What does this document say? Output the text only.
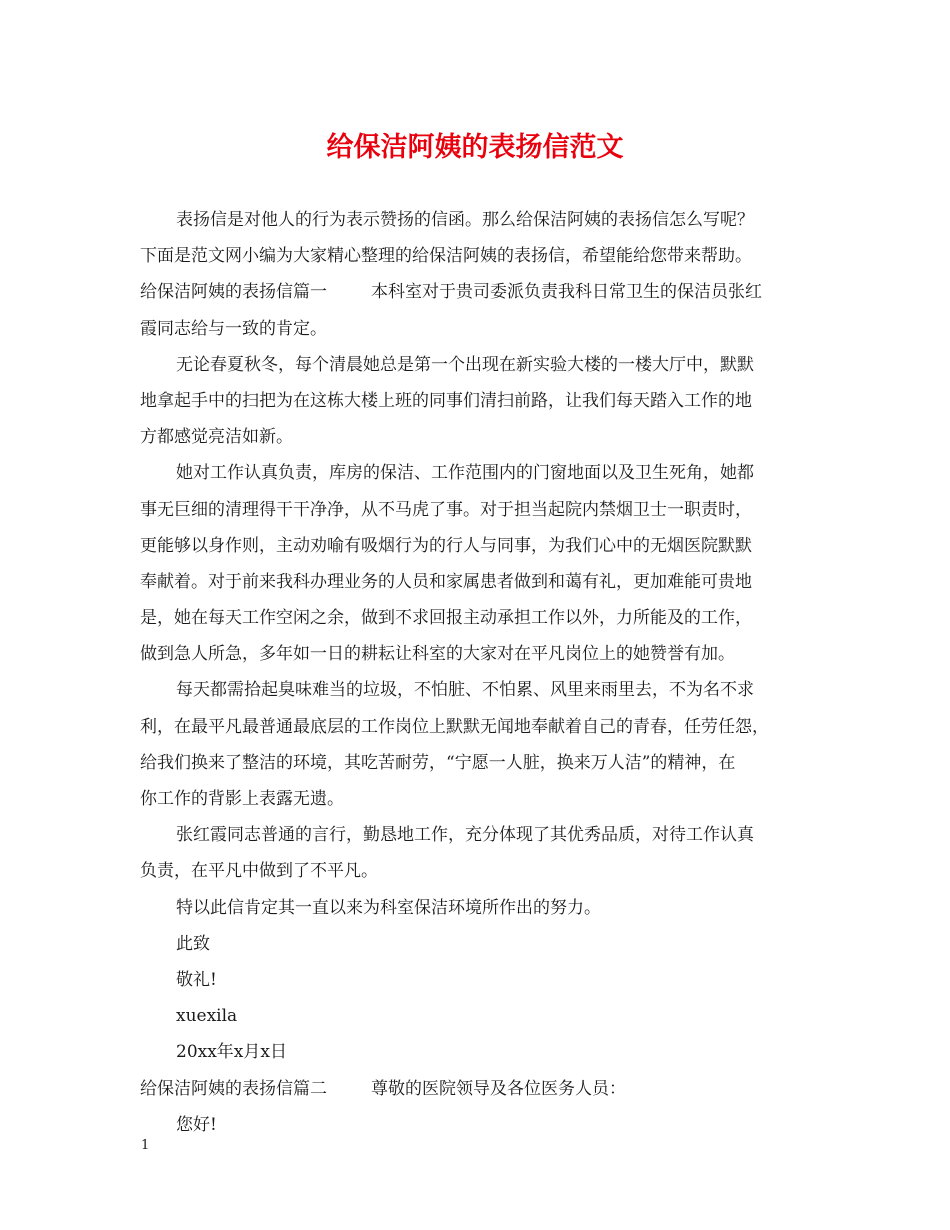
给保洁阿姨的表扬信范文
表扬信是对他人的行为表示赞扬的信函。那么给保洁阿姨的表扬信怎么写呢？
下面是范文网小编为大家精心整理的给保洁阿姨的表扬信，希望能给您带来帮助。
给保洁阿姨的表扬信篇一	本科室对于贵司委派负责我科日常卫生的保洁员张红
霞同志给与一致的肯定。
无论春夏秋冬，每个清晨她总是第一个出现在新实验大楼的一楼大厅中，默默
地拿起手中的扫把为在这栋大楼上班的同事们清扫前路，让我们每天踏入工作的地
方都感觉亮洁如新。
她对工作认真负责，库房的保洁、工作范围内的门窗地面以及卫生死角，她都
事无巨细的清理得干干净净，从不马虎了事。对于担当起院内禁烟卫士一职责时，
更能够以身作则，主动劝喻有吸烟行为的行人与同事，为我们心中的无烟医院默默
奉献着。对于前来我科办理业务的人员和家属患者做到和蔼有礼，更加难能可贵地
是，她在每天工作空闲之余，做到不求回报主动承担工作以外，力所能及的工作，
做到急人所急，多年如一日的耕耘让科室的大家对在平凡岗位上的她赞誉有加。
每天都需拾起臭味难当的垃圾，不怕脏、不怕累、风里来雨里去，不为名不求
利，在最平凡最普通最底层的工作岗位上默默无闻地奉献着自己的青春，任劳任怨，
给我们换来了整洁的环境，其吃苦耐劳，“宁愿一人脏，换来万人洁”的精神，在
你工作的背影上表露无遗。
张红霞同志普通的言行，勤恳地工作，充分体现了其优秀品质，对待工作认真
负责，在平凡中做到了不平凡。
特以此信肯定其一直以来为科室保洁环境所作出的努力。
此致
敬礼!
xuexila
20xx年x月x日
给保洁阿姨的表扬信篇二	尊敬的医院领导及各位医务人员：
您好!
1
